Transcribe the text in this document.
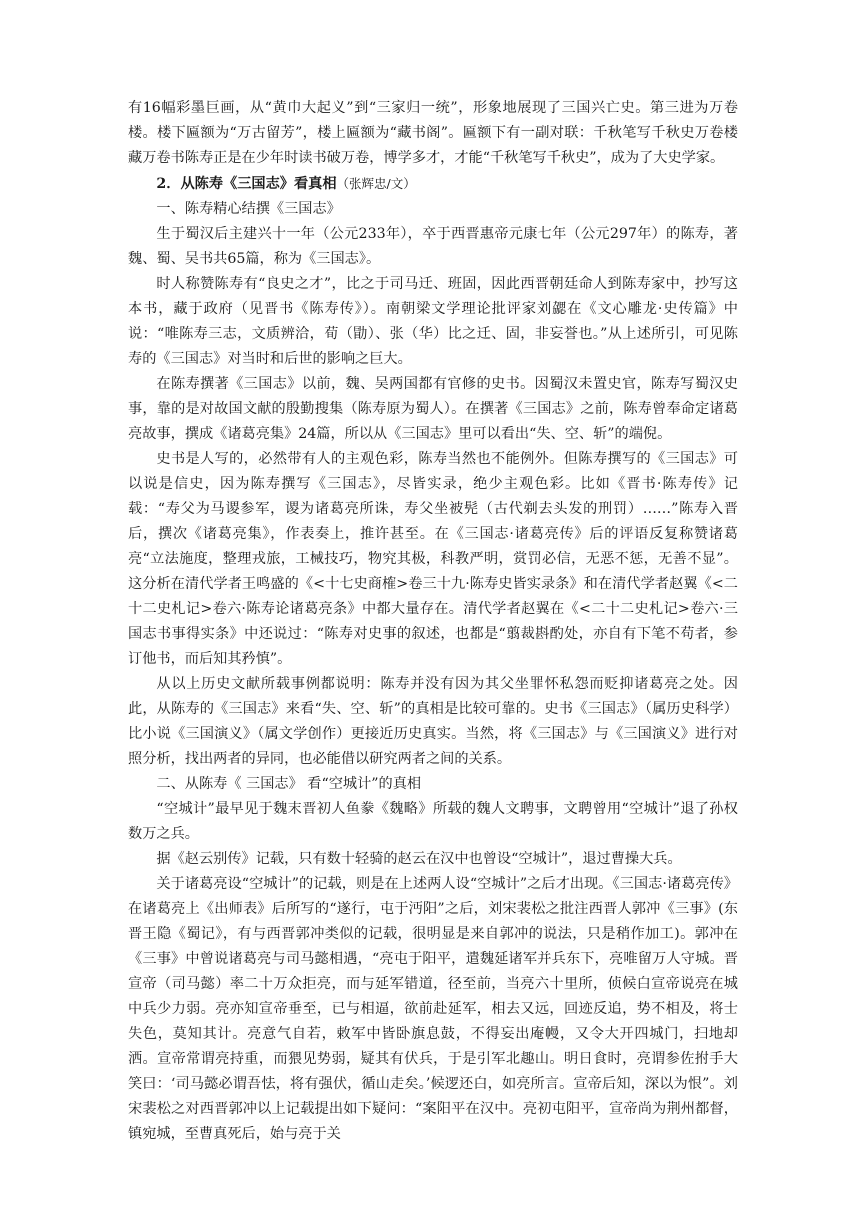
有16幅彩墨巨画，从“黄巾大起义”到“三家归一统”，形象地展现了三国兴亡史。第三进为万卷楼。楼下匾额为“万古留芳”，楼上匾额为“藏书阁”。匾额下有一副对联：千秋笔写千秋史万卷楼藏万卷书陈寿正是在少年时读书破万卷，博学多才，才能“千秋笔写千秋史”，成为了大史学家。

2．从陈寿《三国志》看真相（张辉忠/文）

一、陈寿精心结撰《三国志》

生于蜀汉后主建兴十一年（公元233年），卒于西晋惠帝元康七年（公元297年）的陈寿，著魏、蜀、吴书共65篇，称为《三国志》。

时人称赞陈寿有“良史之才”，比之于司马迁、班固，因此西晋朝廷命人到陈寿家中，抄写这本书，藏于政府（见晋书《陈寿传》）。南朝梁文学理论批评家刘勰在《文心雕龙·史传篇》中说：“唯陈寿三志，文质辨洽，荀（勖）、张（华）比之迁、固，非妄誉也。”从上述所引，可见陈寿的《三国志》对当时和后世的影响之巨大。

在陈寿撰著《三国志》以前，魏、吴两国都有官修的史书。因蜀汉未置史官，陈寿写蜀汉史事，靠的是对故国文献的殷勤搜集（陈寿原为蜀人）。在撰著《三国志》之前，陈寿曾奉命定诸葛亮故事，撰成《诸葛亮集》24篇，所以从《三国志》里可以看出“失、空、斩”的端倪。

史书是人写的，必然带有人的主观色彩，陈寿当然也不能例外。但陈寿撰写的《三国志》可以说是信史，因为陈寿撰写《三国志》，尽皆实录，绝少主观色彩。比如《晋书·陈寿传》记载：“寿父为马谡参军，谡为诸葛亮所诛，寿父坐被髡（古代剃去头发的刑罚）……”陈寿入晋后，撰次《诸葛亮集》，作表奏上，推许甚至。在《三国志·诸葛亮传》后的评语反复称赞诸葛亮“立法施度，整理戎旅，工械技巧，物究其极，科教严明，赏罚必信，无恶不惩，无善不显”。这分析在清代学者王鸣盛的《<十七史商榷>卷三十九·陈寿史皆实录条》和在清代学者赵翼《<二十二史札记>卷六·陈寿论诸葛亮条》中都大量存在。清代学者赵翼在《<二十二史札记>卷六·三国志书事得实条》中还说过：“陈寿对史事的叙述，也都是“翦裁斟酌处，亦自有下笔不苟者，参订他书，而后知其矜慎”。

从以上历史文献所载事例都说明：陈寿并没有因为其父坐罪怀私怨而贬抑诸葛亮之处。因此，从陈寿的《三国志》来看“失、空、斩”的真相是比较可靠的。史书《三国志》（属历史科学）比小说《三国演义》（属文学创作）更接近历史真实。当然，将《三国志》与《三国演义》进行对照分析，找出两者的异同，也必能借以研究两者之间的关系。

二、从陈寿《 三国志》 看“空城计”的真相

“空城计”最早见于魏末晋初人鱼豢《魏略》所载的魏人文聘事，文聘曾用“空城计”退了孙权数万之兵。

据《赵云别传》记载，只有数十轻骑的赵云在汉中也曾设“空城计”，退过曹操大兵。

关于诸葛亮设“空城计”的记载，则是在上述两人设“空城计”之后才出现。《三国志·诸葛亮传》在诸葛亮上《出师表》后所写的“遂行，屯于沔阳”之后，刘宋裴松之批注西晋人郭冲《三事》(东晋王隐《蜀记》，有与西晋郭冲类似的记载，很明显是来自郭冲的说法，只是稍作加工)。郭冲在《三事》中曾说诸葛亮与司马懿相遇，“亮屯于阳平，遣魏延诸军并兵东下，亮唯留万人守城。晋宣帝（司马懿）率二十万众拒亮，而与延军错道，径至前，当亮六十里所，侦候白宣帝说亮在城中兵少力弱。亮亦知宣帝垂至，已与相逼，欲前赴延军，相去又远，回迹反追，势不相及，将士失色，莫知其计。亮意气自若，敕军中皆卧旗息鼓，不得妄出庵幔，又令大开四城门，扫地却洒。宣帝常谓亮持重，而猥见势弱，疑其有伏兵，于是引军北趣山。明日食时，亮谓参佐拊手大笑曰：‘司马懿必谓吾怯，将有强伏，循山走矣。’候逻还白，如亮所言。宣帝后知，深以为恨”。刘宋裴松之对西晋郭冲以上记载提出如下疑问：“案阳平在汉中。亮初屯阳平，宣帝尚为荆州都督，镇宛城，至曹真死后，始与亮于关
